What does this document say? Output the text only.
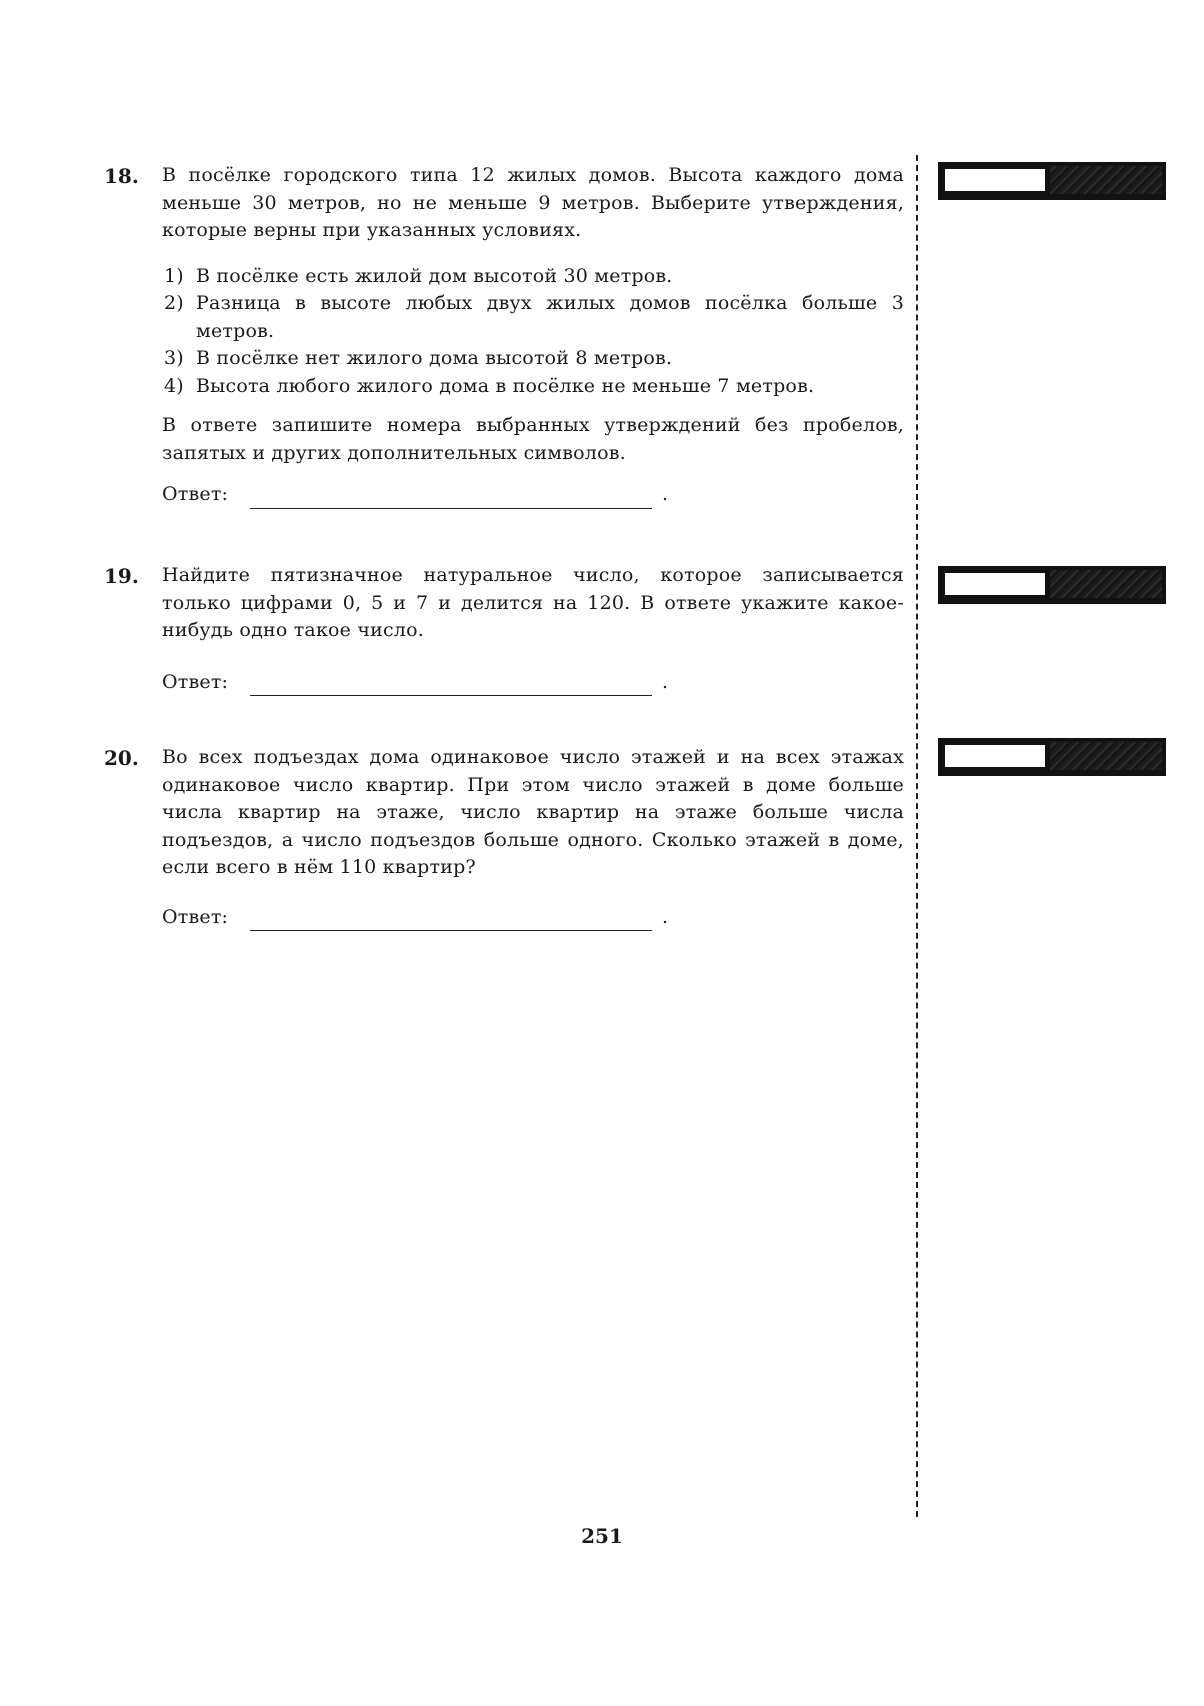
18. В посёлке городского типа 12 жилых домов. Высота каждого дома меньше 30 метров, но не меньше 9 метров. Выберите утверждения, которые верны при указанных условиях.

1) В посёлке есть жилой дом высотой 30 метров.
2) Разница в высоте любых двух жилых домов посёлка больше 3 метров.
3) В посёлке нет жилого дома высотой 8 метров.
4) Высота любого жилого дома в посёлке не меньше 7 метров.

В ответе запишите номера выбранных утверждений без пробелов, запятых и других дополнительных символов.

Ответ:	.
19. Найдите пятизначное натуральное число, которое записывается только цифрами 0, 5 и 7 и делится на 120. В ответе укажите какое-нибудь одно такое число.

Ответ:	.
20. Во всех подъездах дома одинаковое число этажей и на всех этажах одинаковое число квартир. При этом число этажей в доме больше числа квартир на этаже, число квартир на этаже больше числа подъездов, а число подъездов больше одного. Сколько этажей в доме, если всего в нём 110 квартир?

Ответ:	.
251
